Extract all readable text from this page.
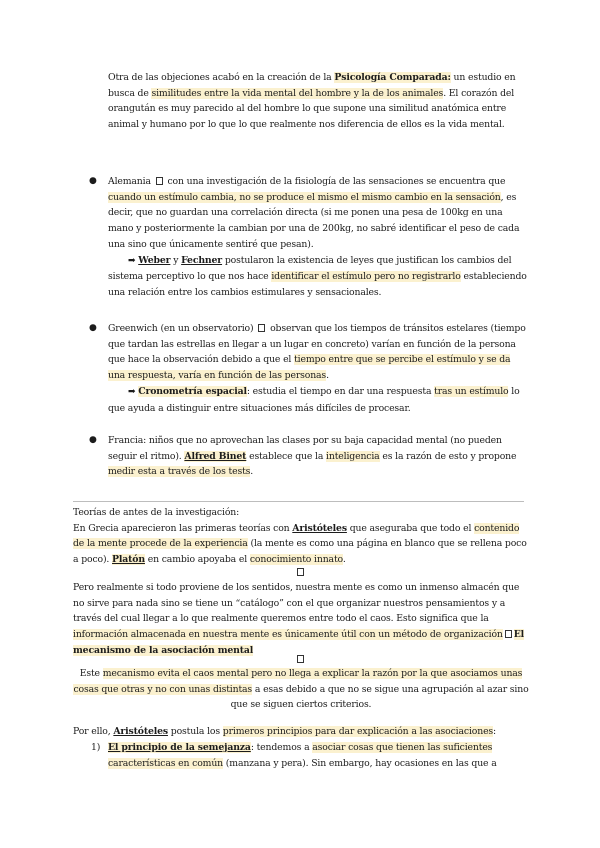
Otra de las objeciones acabó en la creación de la Psicología Comparada: un estudio en busca de similitudes entre la vida mental del hombre y la de los animales. El corazón del orangután es muy parecido al del hombre lo que supone una similitud anatómica entre animal y humano por lo que lo que realmente nos diferencia de ellos es la vida mental.
● Alemania  con una investigación de la fisiología de las sensaciones se encuentra que cuando un estímulo cambia, no se produce el mismo el mismo cambio en la sensación, es decir, que no guardan una correlación directa (si me ponen una pesa de 100kg en una mano y posteriormente la cambian por una de 200kg, no sabré identificar el peso de cada una sino que únicamente sentiré que pesan).
➡ Weber y Fechner postularon la existencia de leyes que justifican los cambios del sistema perceptivo lo que nos hace identificar el estímulo pero no registrarlo estableciendo una relación entre los cambios estimulares y sensacionales.
● Greenwich (en un observatorio)  observan que los tiempos de tránsitos estelares (tiempo que tardan las estrellas en llegar a un lugar en concreto) varían en función de la persona que hace la observación debido a que el tiempo entre que se percibe el estímulo y se da una respuesta, varía en función de las personas.
➡ Cronometría espacial: estudia el tiempo en dar una respuesta tras un estímulo lo que ayuda a distinguir entre situaciones más difíciles de procesar.
● Francia: niños que no aprovechan las clases por su baja capacidad mental (no pueden seguir el ritmo). Alfred Binet establece que la inteligencia es la razón de esto y propone medir esta a través de los tests.
Teorías de antes de la investigación:
En Grecia aparecieron las primeras teorías con Aristóteles que aseguraba que todo el contenido de la mente procede de la experiencia (la mente es como una página en blanco que se rellena poco a poco). Platón en cambio apoyaba el conocimiento innato.
Pero realmente si todo proviene de los sentidos, nuestra mente es como un inmenso almacén que no sirve para nada sino se tiene un “catálogo” con el que organizar nuestros pensamientos y a través del cual llegar a lo que realmente queremos entre todo el caos. Esto significa que la información almacenada en nuestra mente es únicamente útil con un método de organización El mecanismo de la asociación mental
Este mecanismo evita el caos mental pero no llega a explicar la razón por la que asociamos unas cosas que otras y no con unas distintas a esas debido a que no se sigue una agrupación al azar sino que se siguen ciertos criterios.
Por ello, Aristóteles postula los primeros principios para dar explicación a las asociaciones:
1) El principio de la semejanza: tendemos a asociar cosas que tienen las suficientes características en común (manzana y pera). Sin embargo, hay ocasiones en las que a
